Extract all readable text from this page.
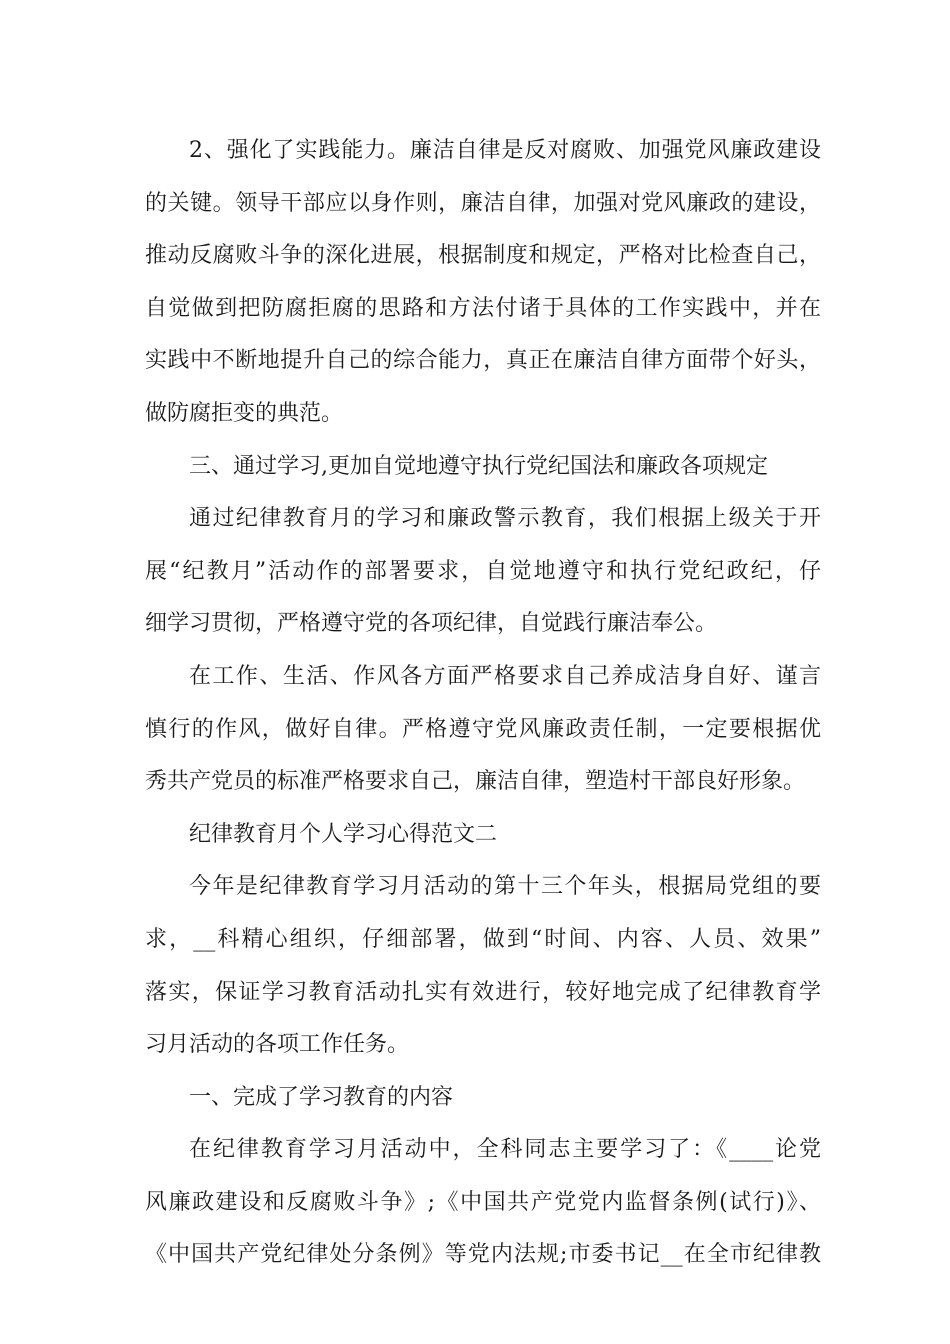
2、强化了实践能力。廉洁自律是反对腐败、加强党风廉政建设
的关键。领导干部应以身作则，廉洁自律，加强对党风廉政的建设，
推动反腐败斗争的深化进展，根据制度和规定，严格对比检查自己，
自觉做到把防腐拒腐的思路和方法付诸于具体的工作实践中，并在
实践中不断地提升自己的综合能力，真正在廉洁自律方面带个好头，
做防腐拒变的典范。
三、通过学习,更加自觉地遵守执行党纪国法和廉政各项规定
通过纪律教育月的学习和廉政警示教育，我们根据上级关于开
展“纪教月”活动作的部署要求，自觉地遵守和执行党纪政纪，仔
细学习贯彻，严格遵守党的各项纪律，自觉践行廉洁奉公。
在工作、生活、作风各方面严格要求自己养成洁身自好、谨言
慎行的作风，做好自律。严格遵守党风廉政责任制，一定要根据优
秀共产党员的标准严格要求自己，廉洁自律，塑造村干部良好形象。
纪律教育月个人学习心得范文二
今年是纪律教育学习月活动的第十三个年头，根据局党组的要
求，__科精心组织，仔细部署，做到“时间、内容、人员、效果”
落实，保证学习教育活动扎实有效进行，较好地完成了纪律教育学
习月活动的各项工作任务。
一、完成了学习教育的内容
在纪律教育学习月活动中，全科同志主要学习了：《____论党
风廉政建设和反腐败斗争》;《中国共产党党内监督条例(试行)》、
《中国共产党纪律处分条例》等党内法规;市委书记__在全市纪律教
